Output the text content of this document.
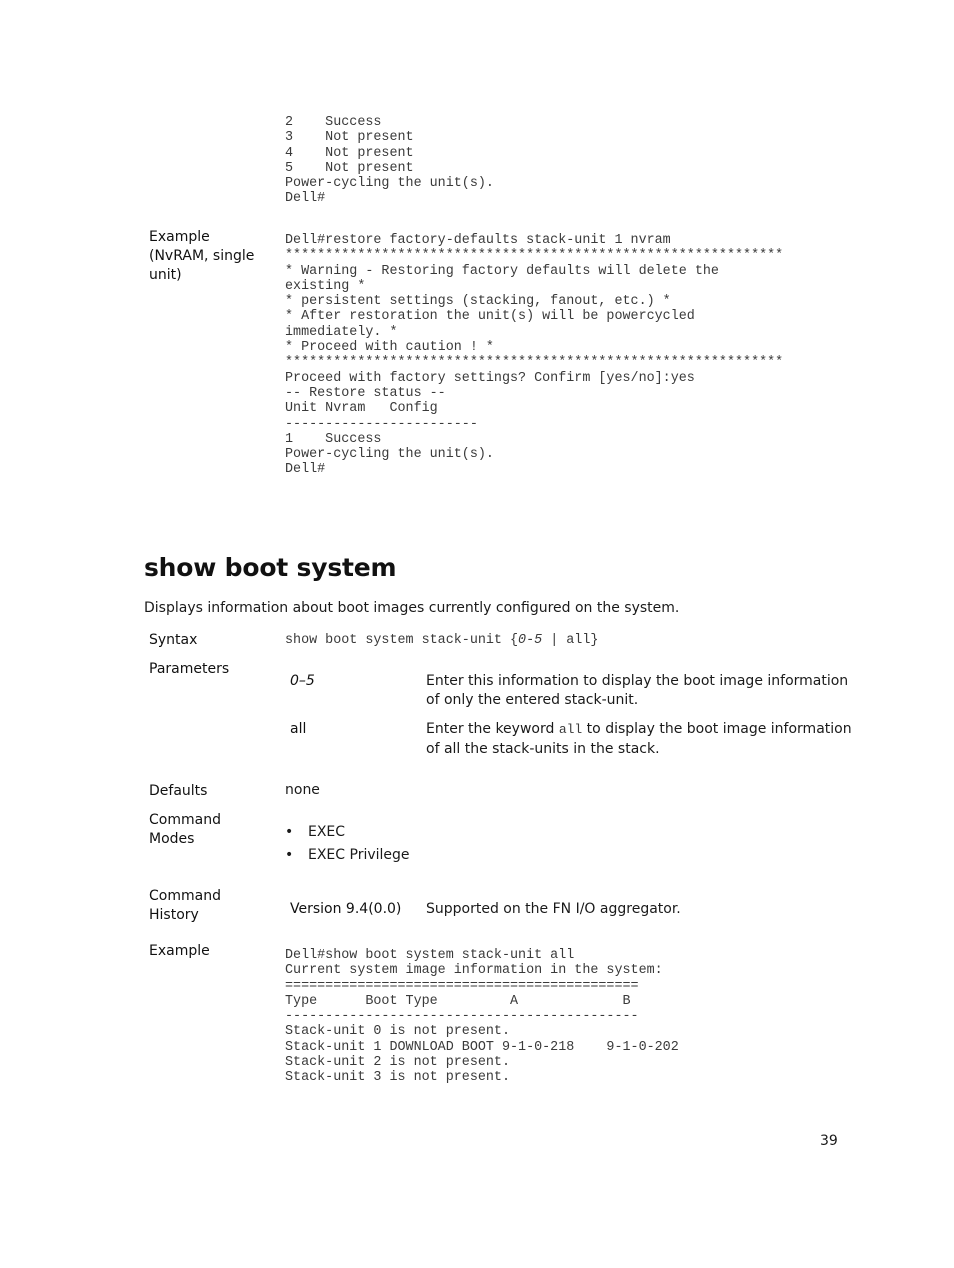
2    Success
3    Not present
4    Not present
5    Not present
Power-cycling the unit(s).
Dell#
Example
(NvRAM, single
unit)
Dell#restore factory-defaults stack-unit 1 nvram
**************************************************************
* Warning - Restoring factory defaults will delete the
existing *
* persistent settings (stacking, fanout, etc.) *
* After restoration the unit(s) will be powercycled
immediately. *
* Proceed with caution ! *
**************************************************************
Proceed with factory settings? Confirm [yes/no]:yes
-- Restore status --
Unit Nvram   Config
------------------------
1    Success
Power-cycling the unit(s).
Dell#
show boot system
Displays information about boot images currently configured on the system.
Syntax	show boot system stack-unit {0-5 | all}
Parameters
0–5	Enter this information to display the boot image information
of only the entered stack-unit.
all	Enter the keyword all to display the boot image information
of all the stack-units in the stack.
Defaults	none
Command
Modes	• EXEC
• EXEC Privilege
Command
History	Version 9.4(0.0) Supported on the FN I/O aggregator.
Example	Dell#show boot system stack-unit all
Current system image information in the system:
============================================
Type      Boot Type         A             B
--------------------------------------------
Stack-unit 0 is not present.
Stack-unit 1 DOWNLOAD BOOT 9-1-0-218    9-1-0-202
Stack-unit 2 is not present.
Stack-unit 3 is not present.
39
